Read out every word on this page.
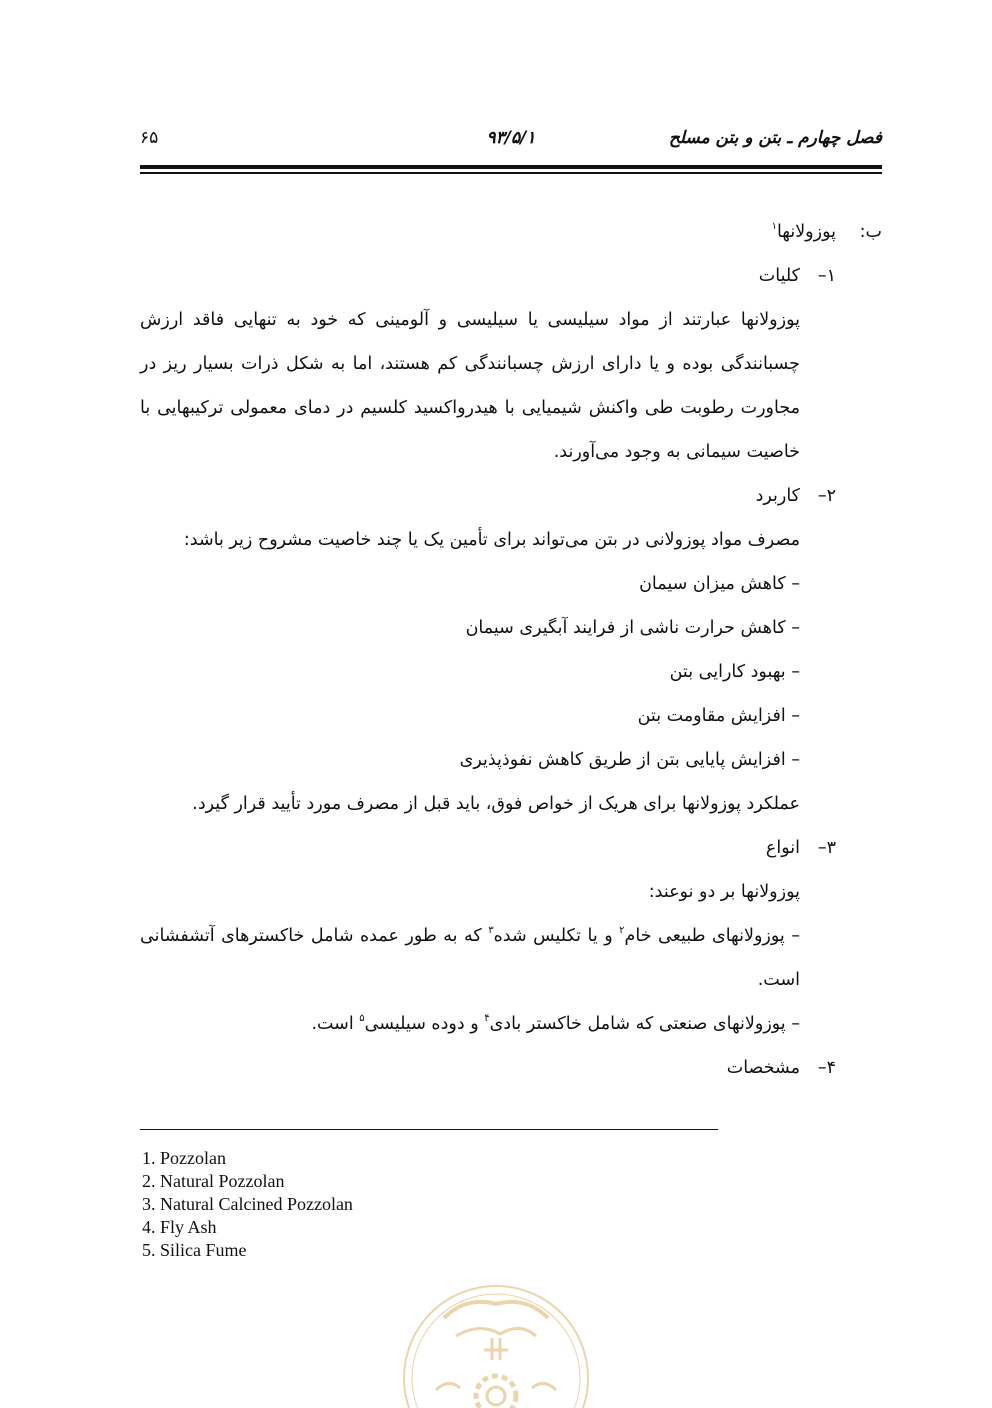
فصل چهارم ـ بتن و بتن مسلح
۹۳/۵/۱
۶۵
ب:پوزولانها$^۱$
۱–کلیات
پوزولانها عبارتند از مواد سیلیسی یا سیلیسی و آلومینی که خود به تنهایی فاقد ارزش
چسبانندگی بوده و یا دارای ارزش چسبانندگی کم هستند، اما به شکل ذرات بسیار ریز در
مجاورت رطوبت طی واکنش شیمیایی با هیدرواکسید کلسیم در دمای معمولی ترکیبهایی با
خاصیت سیمانی به وجود می‌آورند.
۲–کاربرد
مصرف مواد پوزولانی در بتن می‌تواند برای تأمین یک یا چند خاصیت مشروح زیر باشد:
– کاهش میزان سیمان
– کاهش حرارت ناشی از فرایند آبگیری سیمان
– بهبود کارایی بتن
– افزایش مقاومت بتن
– افزایش پایایی بتن از طریق کاهش نفوذپذیری
عملکرد پوزولانها برای هریک از خواص فوق، باید قبل از مصرف مورد تأیید قرار گیرد.
۳–انواع
پوزولانها بر دو نوعند:
– پوزولانهای طبیعی خام$^۲$ و یا تکلیس شده$^۳$ که به طور عمده شامل خاکسترهای آتشفشانی
است.
– پوزولانهای صنعتی که شامل خاکستر بادی$^۴$ و دوده سیلیسی$^۵$ است.
۴–مشخصات
1. Pozzolan
2. Natural Pozzolan
3. Natural Calcined Pozzolan
4. Fly Ash
5. Silica Fume
